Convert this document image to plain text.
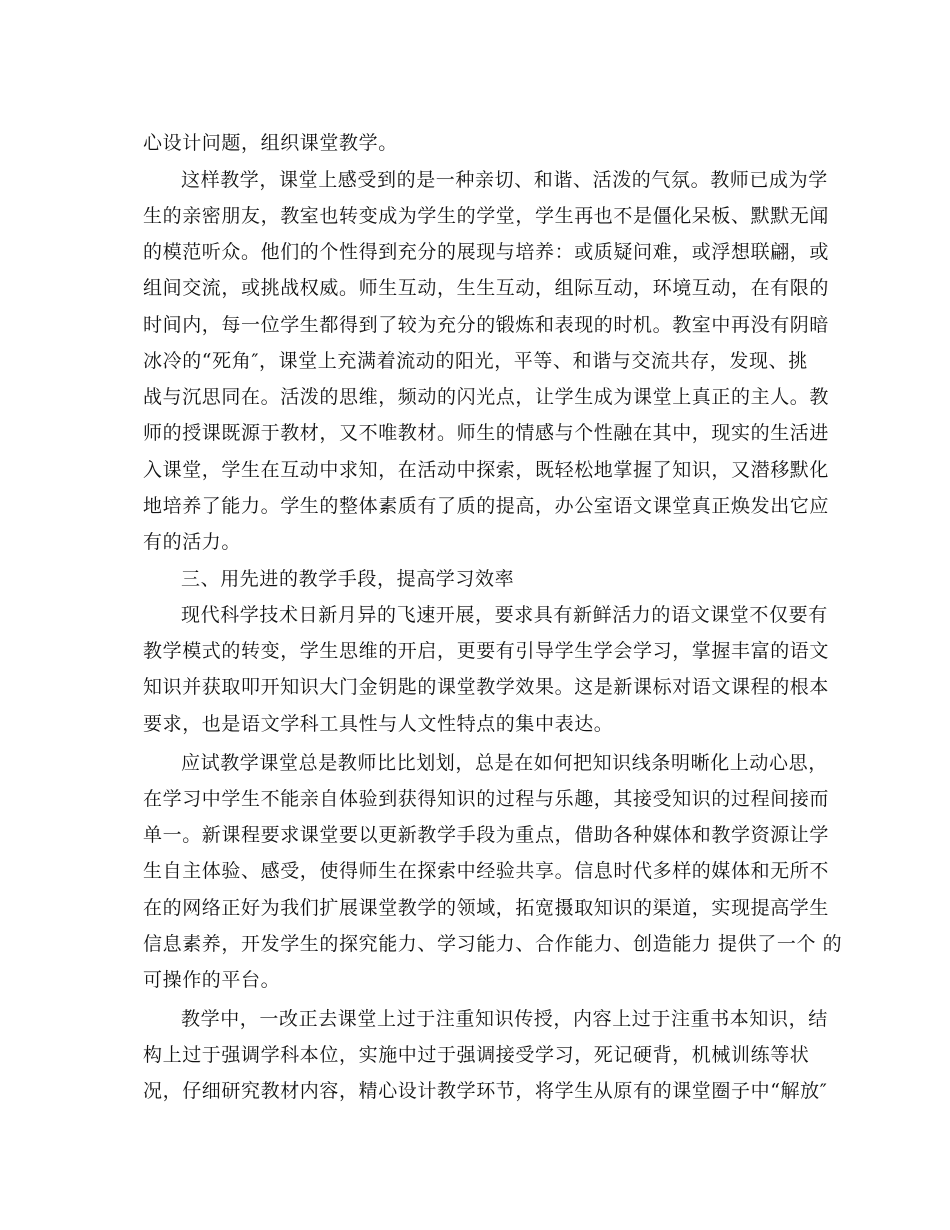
心设计问题，组织课堂教学。
这样教学，课堂上感受到的是一种亲切、和谐、活泼的气氛。教师已成为学
生的亲密朋友，教室也转变成为学生的学堂，学生再也不是僵化呆板、默默无闻
的模范听众。他们的个性得到充分的展现与培养：或质疑问难，或浮想联翩，或
组间交流，或挑战权威。师生互动，生生互动，组际互动，环境互动，在有限的
时间内，每一位学生都得到了较为充分的锻炼和表现的时机。教室中再没有阴暗
冰冷的“死角″，课堂上充满着流动的阳光，平等、和谐与交流共存，发现、挑
战与沉思同在。活泼的思维，频动的闪光点，让学生成为课堂上真正的主人。教
师的授课既源于教材，又不唯教材。师生的情感与个性融在其中，现实的生活进
入课堂，学生在互动中求知，在活动中探索，既轻松地掌握了知识，又潜移默化
地培养了能力。学生的整体素质有了质的提高，办公室语文课堂真正焕发出它应
有的活力。
三、用先进的教学手段，提高学习效率
现代科学技术日新月异的飞速开展，要求具有新鲜活力的语文课堂不仅要有
教学模式的转变，学生思维的开启，更要有引导学生学会学习，掌握丰富的语文
知识并获取叩开知识大门金钥匙的课堂教学效果。这是新课标对语文课程的根本
要求，也是语文学科工具性与人文性特点的集中表达。
应试教学课堂总是教师比比划划，总是在如何把知识线条明晰化上动心思，
在学习中学生不能亲自体验到获得知识的过程与乐趣，其接受知识的过程间接而
单一。新课程要求课堂要以更新教学手段为重点，借助各种媒体和教学资源让学
生自主体验、感受，使得师生在探索中经验共享。信息时代多样的媒体和无所不
在的网络正好为我们扩展课堂教学的领域，拓宽摄取知识的渠道，实现提高学生
信息素养，开发学生的探究能力、学习能力、合作能力、创造能力 提供了一个 的
可操作的平台。
教学中，一改正去课堂上过于注重知识传授，内容上过于注重书本知识，结
构上过于强调学科本位，实施中过于强调接受学习，死记硬背，机械训练等状
况，仔细研究教材内容，精心设计教学环节，将学生从原有的课堂圈子中“解放″
